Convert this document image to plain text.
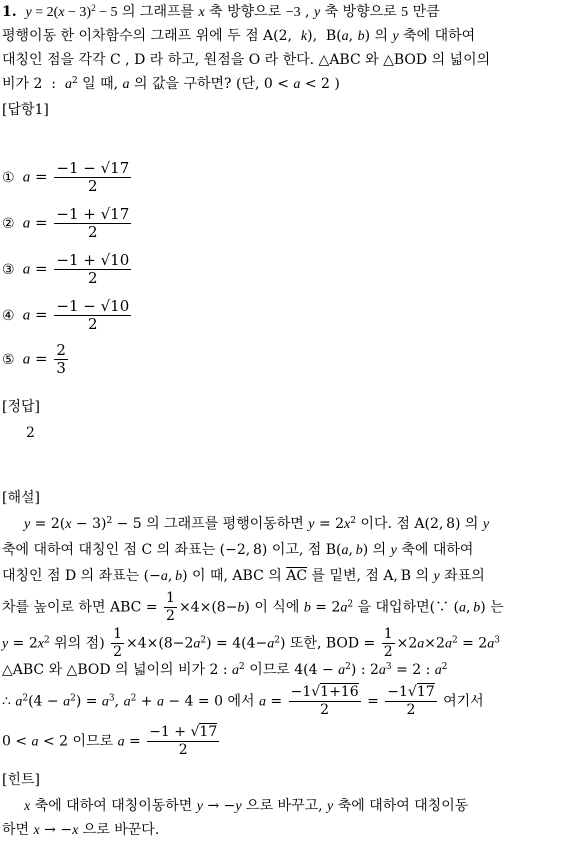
1. $y = 2(x - 3)^2 - 5$ 의 그래프를 x 축 방향으로 −3 , y 축 방향으로 5 만큼
평행이동 한 이차함수의 그래프 위에 두 점 A(2,  k),  B(a, b) 의 y 축에 대하여
대칭인 점을 각각 C , D 라 하고, 원점을 O 라 한다. △ABC 와 △BOD 의 넓이의
비가 2  :  $a^2$ 일 때, a 의 값을 구하면? (단, 0 < a < 2 )
[답항1]
① $a = \frac{-1 - √17}{2}$
② $a = \frac{-1 + √17}{2}$
③ $a = \frac{-1 + √10}{2}$
④ $a = \frac{-1 - √10}{2}$
⑤ $a = \frac{2}{3}$
[정답]
2
[해설]
$y = 2(x - 3)^2 - 5$ 의 그래프를 평행이동하면 $y = 2x^2$ 이다. 점 A(2, 8) 의 y
축에 대하여 대칭인 점 C 의 좌표는 (−2, 8) 이고, 점 B(a, b) 의 y 축에 대하여
대칭인 점 D 의 좌표는 (−a, b) 이 때, ABC 의 $\overline{AC}$ 를 밑변, 점 A, B 의 y 좌표의
차를 높이로 하면 ABC = $\frac{1}{2} \times 4\times(8-b)$ 이 식에 $b = 2a^2$ 을 대입하면(∵ (a, b) 는
$y = 2x^2$ 위의 점) $\frac{1}{2} \times 4\times(8-2a^2) = 4(4-a^2)$ 또한, BOD = $\frac{1}{2} \times 2a\times 2a^2 = 2a^3$
△ABC 와 △BOD 의 넓이의 비가 2 : $a^2$ 이므로 $4(4 - a^2)$ : $2a^3 = 2$ : $a^2$
∴ $a^2(4 - a^2) = a^3$, $a^2 + a - 4 = 0$ 에서 $a = \frac{-1√1+16}{2} = \frac{-1√17}{2}$ 여기서
0 < a < 2 이므로 $a = \frac{-1 + √17}{2}$
[힌트]
x 축에 대하여 대칭이동하면 y → −y 으로 바꾸고, y 축에 대하여 대칭이동
하면 x → −x 으로 바꾼다.
